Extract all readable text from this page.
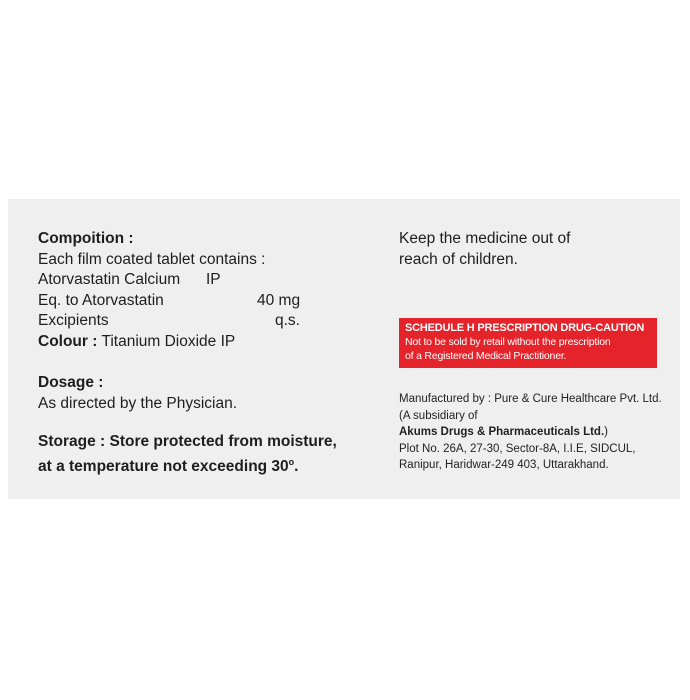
Compoition :
Each film coated tablet contains :
Atorvastatin Calcium IP
Eq. to Atorvastatin	40 mg
Excipients	q.s.
Colour : Titanium Dioxide IP
Dosage :
As directed by the Physician.
Storage : Store protected from moisture,
at a temperature not exceeding 30$^o$.
Keep the medicine out of
reach of children.
SCHEDULE H PRESCRIPTION DRUG-CAUTION
Not to be sold by retail without the prescription
of a Registered Medical Practitioner.
Manufactured by : Pure & Cure Healthcare Pvt. Ltd.
(A subsidiary of
Akums Drugs & Pharmaceuticals Ltd.)
Plot No. 26A, 27-30, Sector-8A, I.I.E, SIDCUL,
Ranipur, Haridwar-249 403, Uttarakhand.
